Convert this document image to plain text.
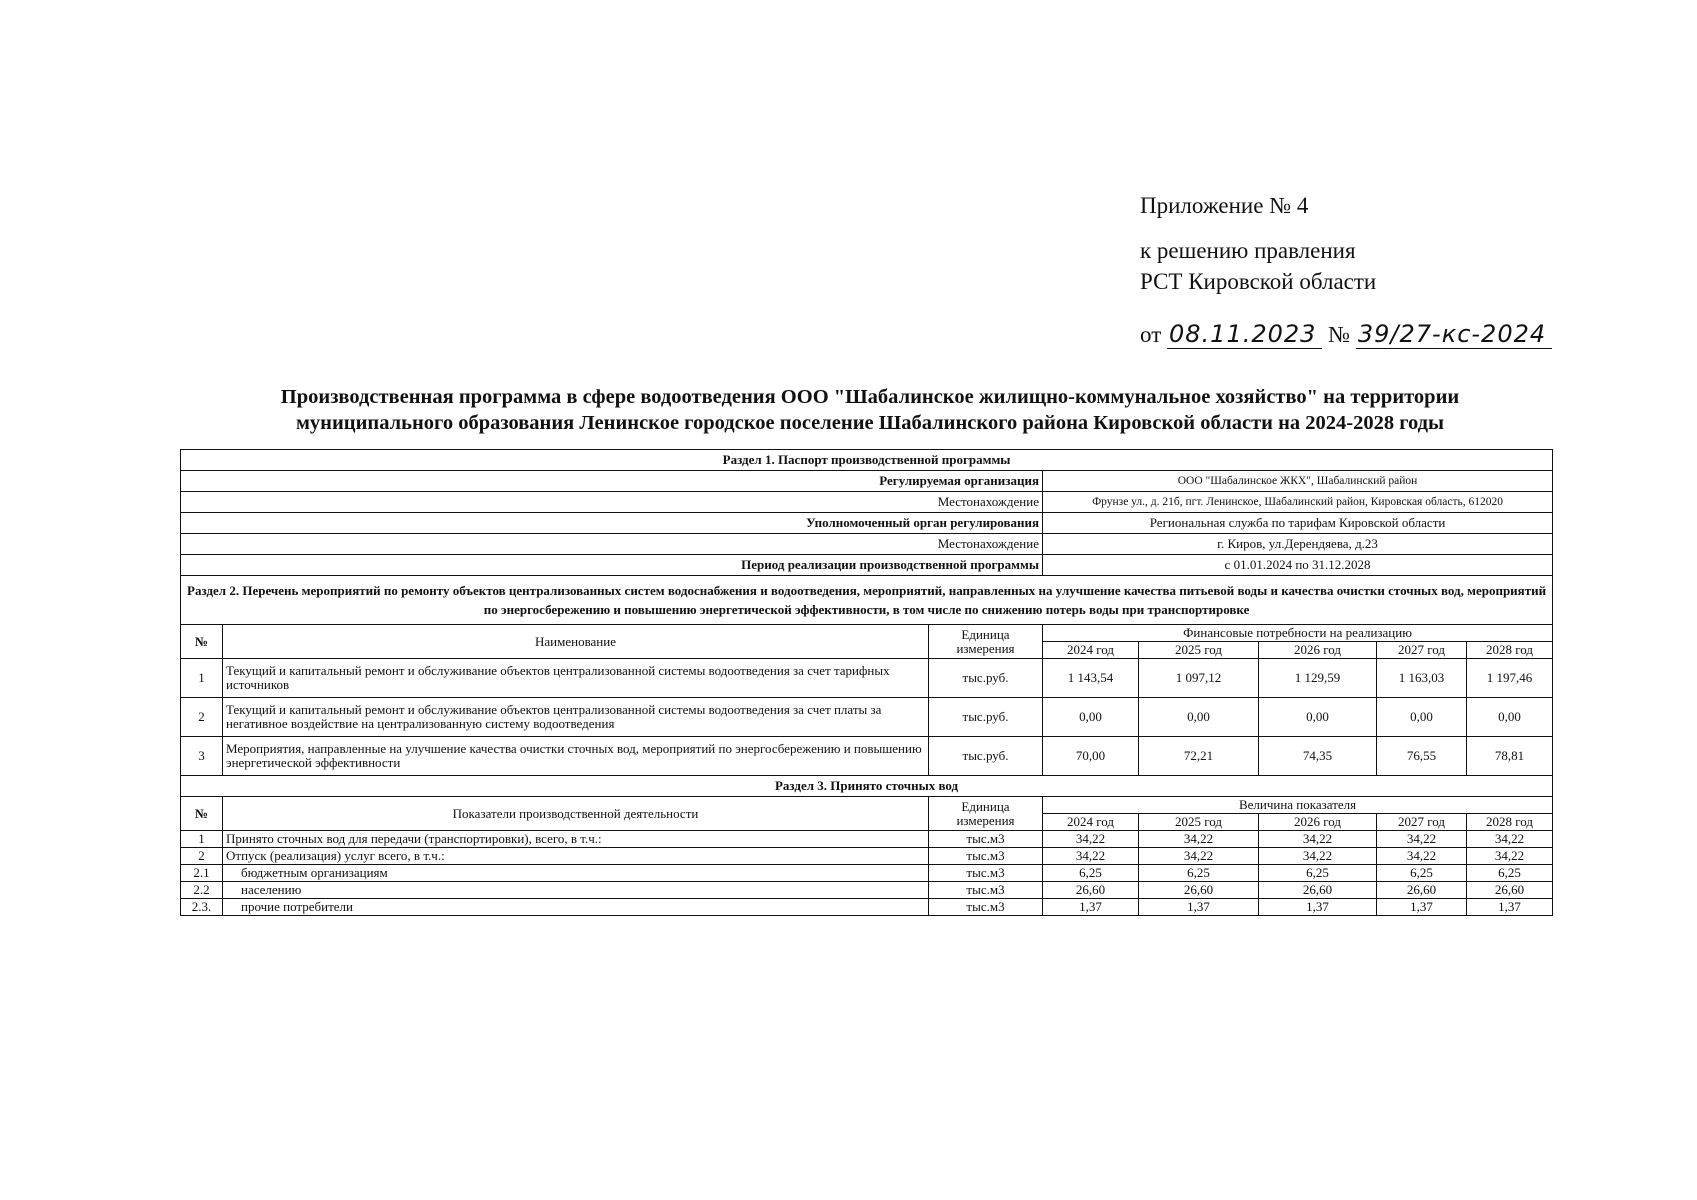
Приложение № 4
к решению правления
РСТ Кировской области
от 08.11.2023 № 39/27-кс-2024
Производственная программа в сфере водоотведения ООО "Шабалинское жилищно-коммунальное хозяйство" на территории
муниципального образования Ленинское городское поселение Шабалинского района Кировской области на 2024-2028 годы
Раздел 1. Паспорт производственной программы							
Регулируемая организация			ООО "Шабалинское ЖКХ", Шабалинский район				
Местонахождение			Фрунзе ул., д. 21б, пгт. Ленинское, Шабалинский район, Кировская область, 612020				
Уполномоченный орган регулирования			Региональная служба по тарифам Кировской области				
Местонахождение			г. Киров, ул.Дерендяева, д.23				
Период реализации производственной программы			с 01.01.2024 по 31.12.2028				
Раздел 2. Перечень мероприятий по ремонту объектов централизованных систем водоснабжения и водоотведения, мероприятий, направленных на улучшение качества питьевой воды и качества очистки сточных вод, мероприятий по энергосбережению и повышению энергетической эффективности, в том числе по снижению потерь воды при транспортировке							
№	Наименование	Единица измерения	Финансовые потребности на реализацию				
			2024 год	2025 год	2026 год	2027 год	2028 год
1	Текущий и капитальный ремонт и обслуживание объектов централизованной системы водоотведения за счет тарифных источников	тыс.руб.	1 143,54	1 097,12	1 129,59	1 163,03	1 197,46
2	Текущий и капитальный ремонт и обслуживание объектов централизованной системы водоотведения за счет платы за негативное воздействие на централизованную систему водоотведения	тыс.руб.	0,00	0,00	0,00	0,00	0,00
3	Мероприятия, направленные на улучшение качества очистки сточных вод, мероприятий по энергосбережению и повышению энергетической эффективности	тыс.руб.	70,00	72,21	74,35	76,55	78,81
Раздел 3. Принято сточных вод							
№	Показатели производственной деятельности	Единица измерения	Величина показателя				
			2024 год	2025 год	2026 год	2027 год	2028 год
1	Принято сточных вод для передачи (транспортировки), всего, в т.ч.:	тыс.м3	34,22	34,22	34,22	34,22	34,22
2	Отпуск (реализация) услуг всего, в т.ч.:	тыс.м3	34,22	34,22	34,22	34,22	34,22
2.1	бюджетным организациям	тыс.м3	6,25	6,25	6,25	6,25	6,25
2.2	населению	тыс.м3	26,60	26,60	26,60	26,60	26,60
2.3.	прочие потребители	тыс.м3	1,37	1,37	1,37	1,37	1,37
